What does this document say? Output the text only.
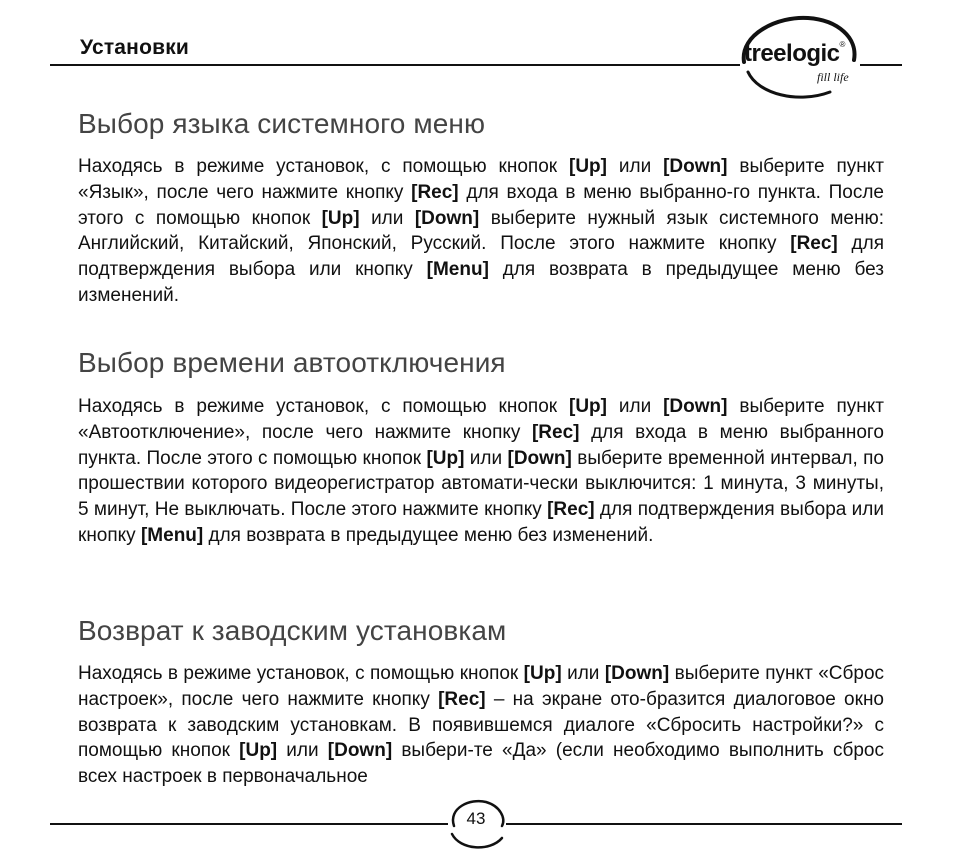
Установки	treelogic®
fill life
Выбор языка системного меню
Находясь в режиме установок, с помощью кнопок [Up] или [Down] выберите пункт «Язык», после чего нажмите кнопку [Rec] для входа в меню выбранно-го пункта. После этого с помощью кнопок [Up] или [Down] выберите нужный язык системного меню: Английский, Китайский, Японский, Русский. После этого нажмите кнопку [Rec] для подтверждения выбора или кнопку [Menu] для возврата в предыдущее меню без изменений.
Выбор времени автоотключения
Находясь в режиме установок, с помощью кнопок [Up] или [Down] выберите пункт «Автоотключение», после чего нажмите кнопку [Rec] для входа в меню выбранного пункта. После этого с помощью кнопок [Up] или [Down] выберите временной интервал, по прошествии которого видеорегистратор автомати-чески выключится: 1 минута, 3 минуты, 5 минут, Не выключать. После этого нажмите кнопку [Rec] для подтверждения выбора или кнопку [Menu] для возврата в предыдущее меню без изменений.
Возврат к заводским установкам
Находясь в режиме установок, с помощью кнопок [Up] или [Down] выберите пункт «Сброс настроек», после чего нажмите кнопку [Rec] – на экране ото-бразится диалоговое окно возврата к заводским установкам. В появившемся диалоге «Сбросить настройки?» с помощью кнопок [Up] или [Down] выбери-те «Да» (если необходимо выполнить сброс всех настроек в первоначальное
43
